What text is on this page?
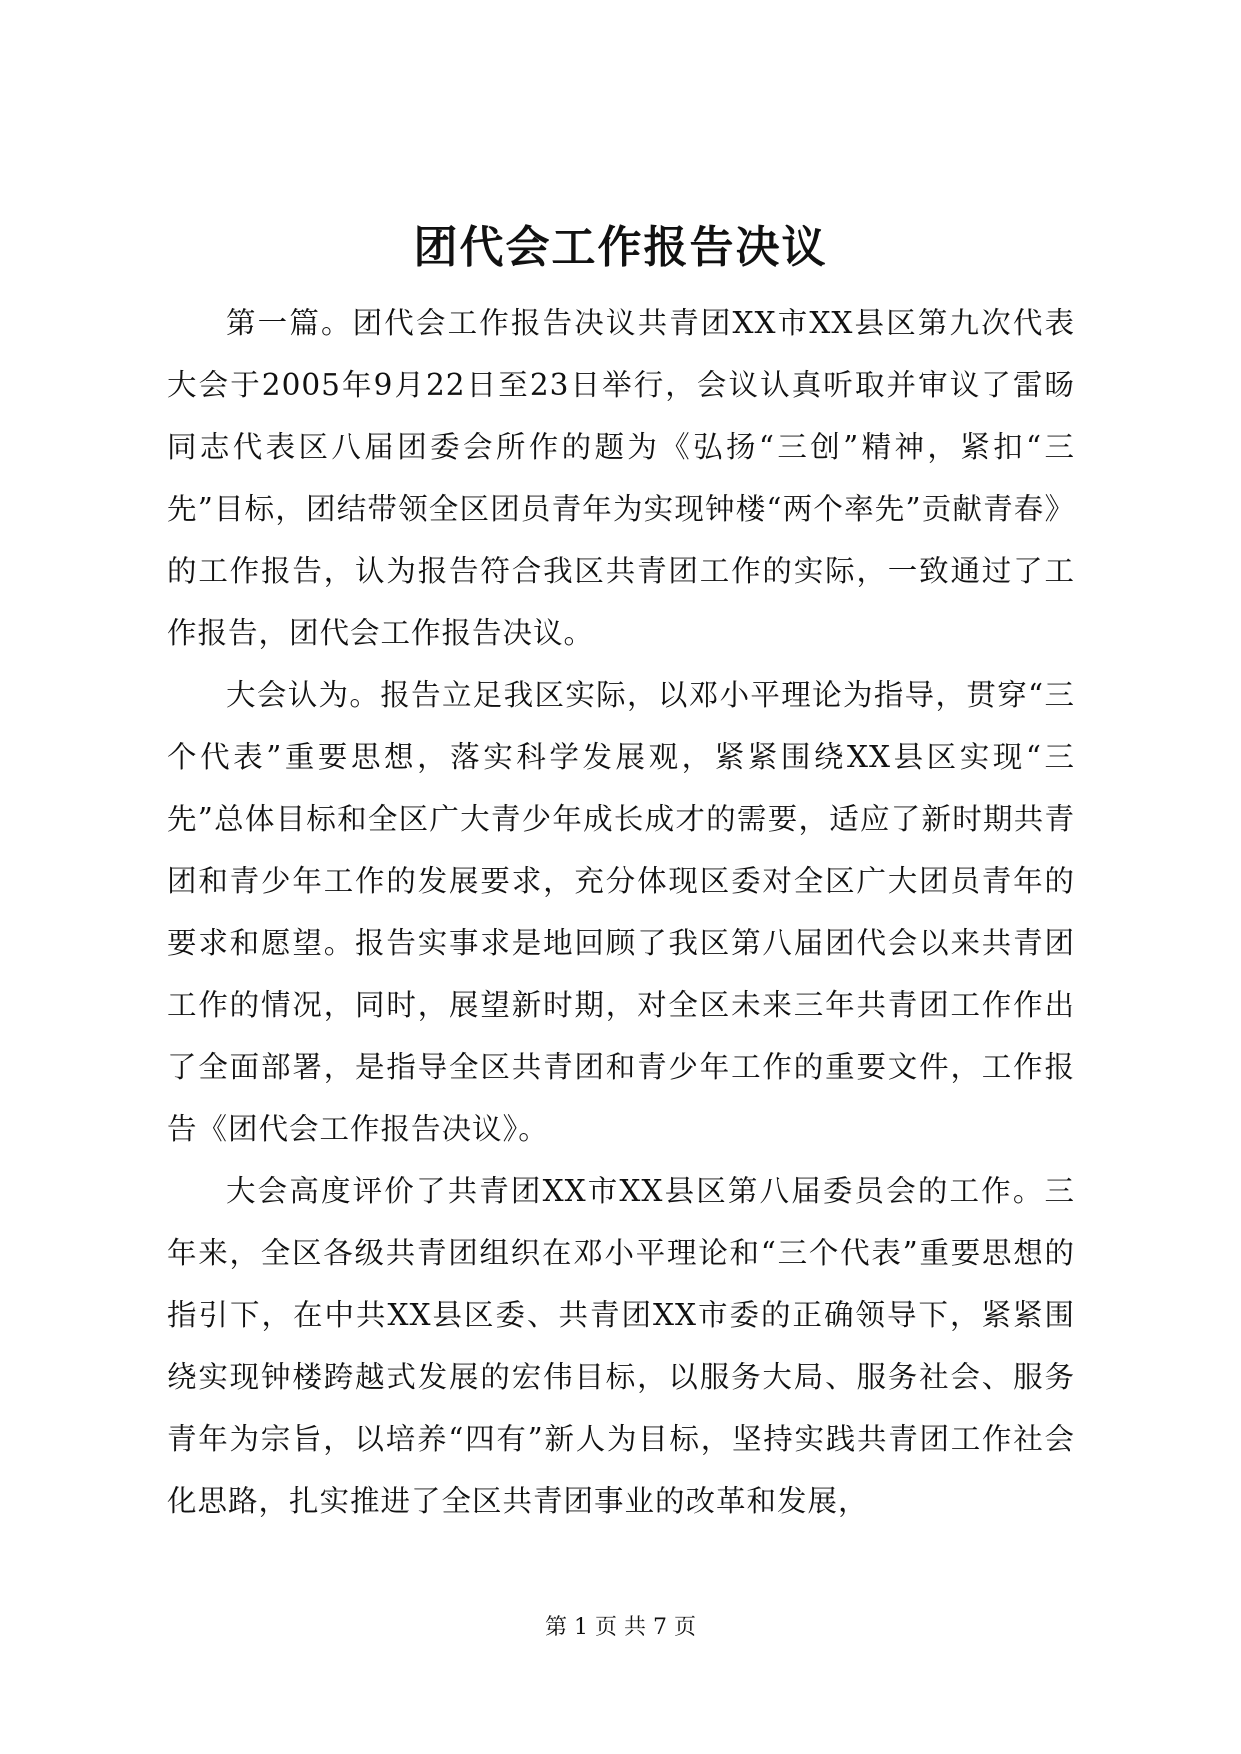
团代会工作报告决议

第一篇。团代会工作报告决议共青团XX市XX县区第九次代表大会于2005年9月22日至23日举行，会议认真听取并审议了雷旸同志代表区八届团委会所作的题为《弘扬“三创”精神，紧扣“三先”目标，团结带领全区团员青年为实现钟楼“两个率先”贡献青春》的工作报告，认为报告符合我区共青团工作的实际，一致通过了工作报告，团代会工作报告决议。

大会认为。报告立足我区实际，以邓小平理论为指导，贯穿“三个代表”重要思想，落实科学发展观，紧紧围绕XX县区实现“三先”总体目标和全区广大青少年成长成才的需要，适应了新时期共青团和青少年工作的发展要求，充分体现区委对全区广大团员青年的要求和愿望。报告实事求是地回顾了我区第八届团代会以来共青团工作的情况，同时，展望新时期，对全区未来三年共青团工作作出了全面部署，是指导全区共青团和青少年工作的重要文件，工作报告《团代会工作报告决议》。

大会高度评价了共青团XX市XX县区第八届委员会的工作。三年来，全区各级共青团组织在邓小平理论和“三个代表”重要思想的指引下，在中共XX县区委、共青团XX市委的正确领导下，紧紧围绕实现钟楼跨越式发展的宏伟目标，以服务大局、服务社会、服务青年为宗旨，以培养“四有”新人为目标，坚持实践共青团工作社会化思路，扎实推进了全区共青团事业的改革和发展，

第 1 页 共 7 页
